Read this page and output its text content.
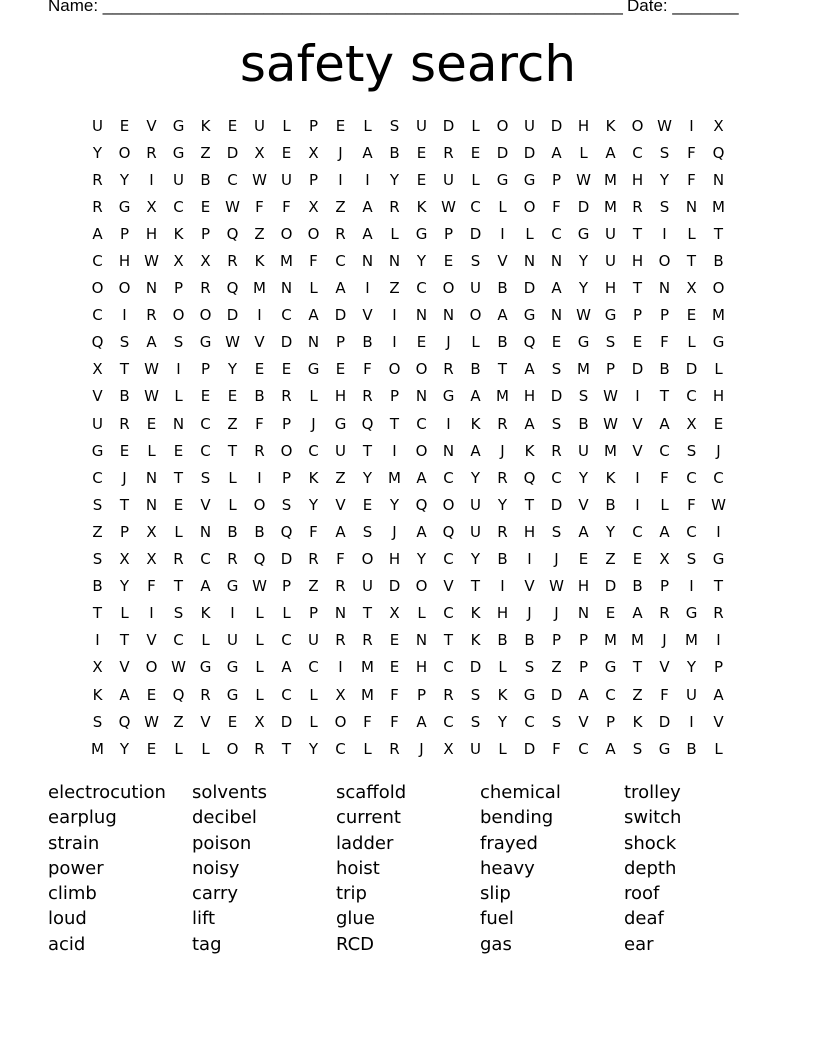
Name: _______________________________________________________ Date: _______
safety search
U	E	V	G	K	E	U	L	P	E	L	S	U	D	L	O	U	D	H	K	O W	I	X
Y	O	R	G	Z	D	X	E	X	J	A	B	E	R	E	D	D	A	L	A	C	S	F	Q
R	Y	I	U	B	C W U	P	I	I	Y	E	U	L	G	G	P	W M H	Y	F	N
R	G	X	C	E W	F	F	X	Z	A	R	K W C	L	O	F	D M	R	S	N M
A	P	H	K	P	Q	Z	O	O	R	A	L	G	P	D	I	L	C	G	U	T	I	L	T
C	H W X	X	R	K	M	F	C	N	N	Y	E	S	V	N	N	Y	U	H	O	T	B
O	O	N	P	R	Q M N	L	A	I	Z	C	O	U	B	D	A	Y	H	T	N	X	O
C	I	R	O	O	D	I	C	A	D	V	I	N	N	O	A	G	N W G	P	P	E	M
Q	S	A	S	G W V	D	N	P	B	I	E	J	L	B	Q	E	G	S	E	F	L	G
X	T	W	I	P	Y	E	E	G	E	F	O	O	R	B	T	A	S	M	P	D	B	D	L
V	B W	L	E	E	B	R	L	H	R	P	N	G	A	M H	D	S W	I	T	C	H
U	R	E	N	C	Z	F	P	J	G	Q	T	C	I	K	R	A	S	B W V	A	X	E
G	E	L	E	C	T	R	O	C	U	T	I	O	N	A	J	K	R	U	M	V	C	S	J
C	J	N	T	S	L	I	P	K	Z	Y	M	A	C	Y	R	Q	C	Y	K	I	F	C	C
S	T	N	E	V	L	O	S	Y	V	E	Y	Q	O	U	Y	T	D	V	B	I	L	F	W
Z	P	X	L	N	B	B	Q	F	A	S	J	A	Q	U	R	H	S	A	Y	C	A	C	I
S	X	X	R	C	R	Q	D	R	F	O	H	Y	C	Y	B	I	J	E	Z	E	X	S	G
B	Y	F	T	A	G W	P	Z	R	U	D	O	V	T	I	V W H	D	B	P	I	T
T	L	I	S	K	I	L	L	P	N	T	X	L	C	K	H	J	J	N	E	A	R	G	R
I	T	V	C	L	U	L	C	U	R	R	E	N	T	K	B	B	P	P	M M	J	M	I
X	V	O W G	G	L	A	C	I	M	E	H	C	D	L	S	Z	P	G	T	V	Y	P
K	A	E	Q	R	G	L	C	L	X	M	F	P	R	S	K	G	D	A	C	Z	F	U	A
S	Q W Z	V	E	X	D	L	O	F	F	A	C	S	Y	C	S	V	P	K	D	I	V
M	Y	E	L	L	O	R	T	Y	C	L	R	J	X	U	L	D	F	C	A	S	G	B	L
electrocution	solvents	scaffold	chemical	trolley
earplug	decibel	current	bending	switch
strain	poison	ladder	frayed	shock
power	noisy	hoist	heavy	depth
climb	carry	trip	slip	roof
loud	lift	glue	fuel	deaf
acid	tag	RCD	gas	ear
